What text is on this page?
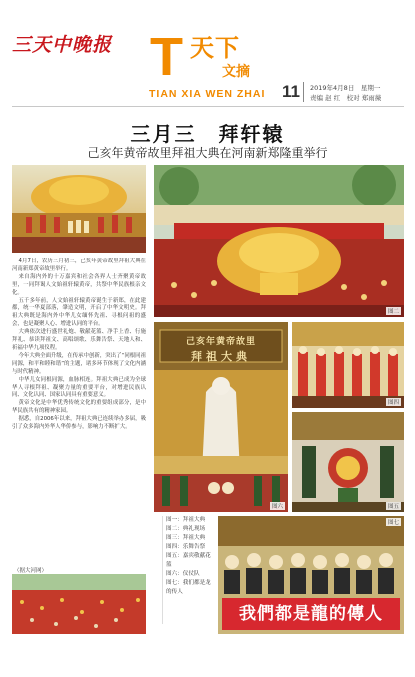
三天中晚报 T 天下
文摘
TIAN XIA WEN ZHAI 11 2019年4月8日　星期一
责编 赵 红　校对 郑雨薇
三月三　拜轩辕
己亥年黄帝故里拜祖大典在河南新郑隆重举行
图二
己亥年黄帝故里
拜祖大典
图四
图五
图六

4月7日，农历三月初三，己亥年黄帝故里拜祖大典在河南新郑黄帝故里举行。

来自海内外的十万嘉宾和社会各界人士齐聚黄帝故里，一同拜谒人文始祖轩辕黄帝，共祭中华民族根亲文化。

五千多年前，人文始祖轩辕黄帝诞生于新郑，在此建都，统一华夏部落，肇造文明，开启了中华文明史。拜祖大典既是海内外中华儿女缅怀先祖、寻根问祖的盛会，也是凝聚人心、增进认同的平台。

大典依次进行盛世礼炮、敬献花篮、净手上香、行施拜礼、恭读拜祖文、高唱颂歌、乐舞告祭、天地人和、祈福中华九项仪程。

今年大典全面升级，在传承中创新，突出了“同根同祖同源，和平和睦和谐”的主题，诸多环节体现了文化内涵与时代精神。

中华儿女同根同源，血脉相连。拜祖大典已成为全球华人寻根拜祖、凝聚力量的重要平台，对增进民族认同、文化认同、国家认同具有重要意义。

黄帝文化是中华优秀传统文化的重要组成部分，是中华民族共有的精神家园。

据悉，自2006年以来，拜祖大典已连续举办多届，吸引了众多海内外华人华侨参与，影响力不断扩大。

（据大河网）
图一：拜祖大典
图二：典礼现场
图三：拜祖大典
图四：乐舞告祭
图五：嘉宾敬献花篮
图六：仪仗队
图七：我们都是龙的传人
我們都是龍的傳人
图七
